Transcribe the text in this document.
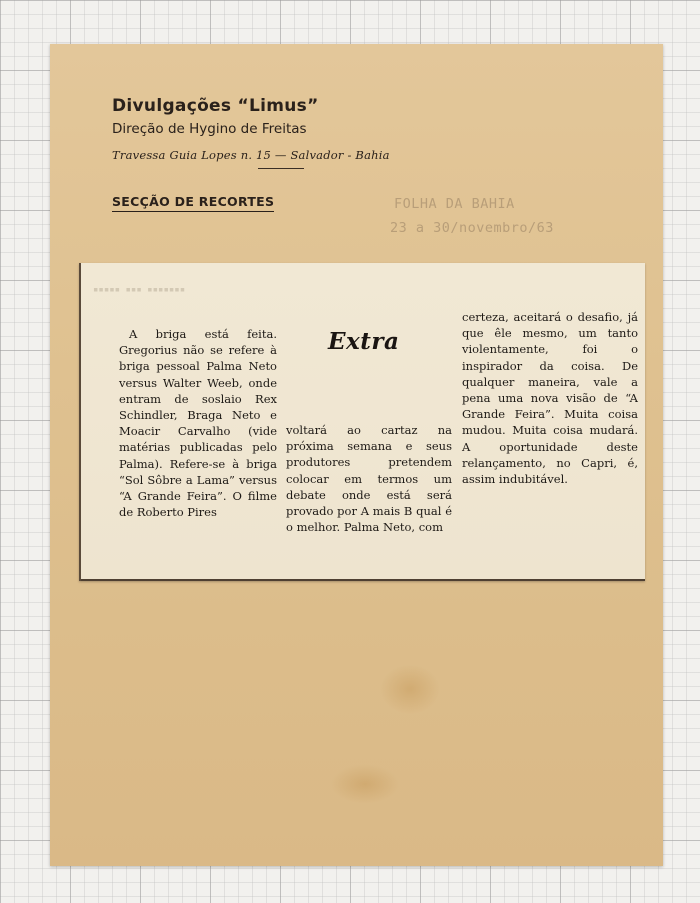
Divulgações “Limus”
Direção de Hygino de Freitas
Travessa Guia Lopes n. 15 — Salvador - Bahia
SECÇÃO DE RECORTES	FOLHA DA BAHIA
23 a 30/novembro/63
▪▪▪▪▪ ▪▪▪ ▪▪▪▪▪▪▪

A briga está feita. Gregorius não se refere à briga pessoal Palma Neto versus Walter Weeb, onde entram de soslaio Rex Schindler, Braga Neto e Moacir Carvalho (vide matérias publicadas pelo Palma). Refere-se à briga “Sol Sôbre a Lama” versus “A Grande Feira”. O filme de Roberto Pires

Extra

voltará ao cartaz na próxima semana e seus produtores pretendem colocar em termos um debate onde está será provado por A mais B qual é o melhor. Palma Neto, com

certeza, aceitará o desafio, já que êle mesmo, um tanto violentamente, foi o inspirador da coisa. De qualquer maneira, vale a pena uma nova visão de “A Grande Feira”. Muita coisa mudou. Muita coisa mudará. A oportunidade deste relançamento, no Capri, é, assim indubitável.
